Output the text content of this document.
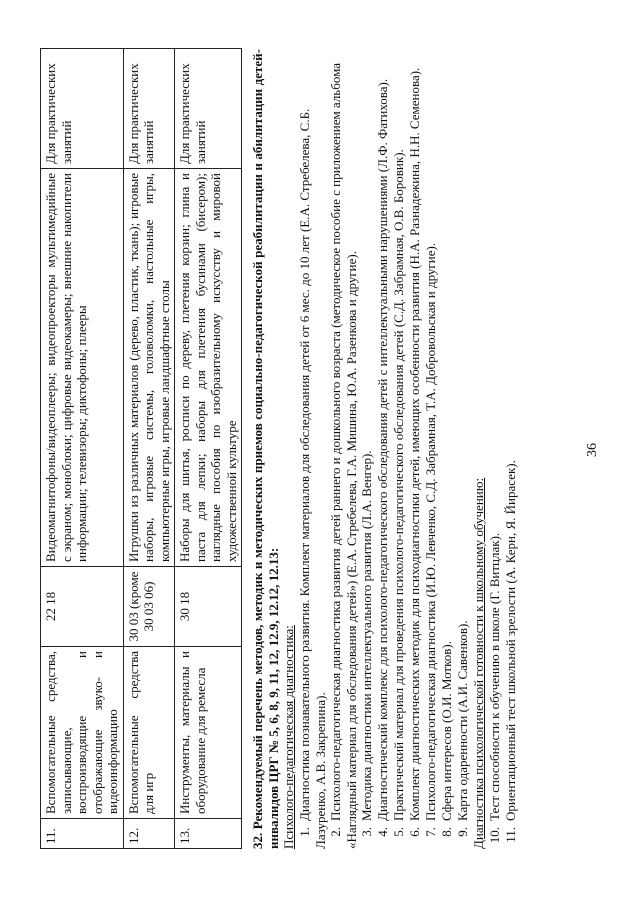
36
11.	Вспомогательные средства, записывающие, воспроизводящие и отображающие звуко- и видеоинформацию	22 18	Видеомагнитофоны/видеоплееры; видеопроекторы мультимедийные с экраном; моноблоки; цифровые видеокамеры; внешние накопители информации; телевизоры; диктофоны; плееры	Для практических занятий
12.	Вспомогательные средства для игр	30 03 (кроме 30 03 06)	Игрушки из различных материалов (дерево, пластик, ткань); игровые наборы, игровые системы, головоломки, настольные игры, компьютерные игры, игровые ландшафтные столы	Для практических занятий
13.	Инструменты, материалы и оборудование для ремесла	30 18	Наборы для шитья, роспиcи по дереву, плетения корзин; глина и паста для лепки; наборы для плетения бусинами (бисером); наглядные пособия по изобразительному искусству и мировой художественной культуре	Для практических занятий	32. Рекомендуемый перечень методов, методик и методических приемов социально-педагогической реабилитации и абилитации детей-инвалидов ЦРГ № 5, 6, 8, 9, 11, 12, 12.9, 12.12, 12.13: Психолого-педагогическая диагностика: 1.Диагностика познавательного развития. Комплект материалов для обследования детей от 6 мес. до 10 лет (Е.А. Стребелева, С.Б. Лазуренко, А.В. Закрепина). 2.Психолого-педагогическая диагностика развития детей раннего и дошкольного возраста (методическое пособие с приложением альбома «Наглядный материал для обследования детей») (Е.А. Стребелева, Г.А. Мишина, Ю.А. Разенкова и другие). 3.Методика диагностики интеллектуального развития (Л.А. Венгер).
4.Диагностический комплекс для психолого-педагогического обследования детей с интеллектуальными нарушениями (Л.Ф. Фатихова).
5.Практический материал для проведения психолого-педагогического обследования детей (С.Д. Забрамная, О.В. Боровик).
6.Комплект диагностических методик для психодиагностики детей, имеющих особенности развития (Н.А. Разнадежина, Н.Н. Семенова).
7.Психолого-педагогическая диагностика (И.Ю. Левченко, С.Д. Забрамная, Т.А. Добровольская и другие).
8.Сфера интересов (О.И. Мотков).
9.Карта одаренности (А.И. Савенков). Диагностика психологической готовности к школьному обучению: 10.Тест способности к обучению в школе (Г. Витцлак).
11.Ориентационный тест школьной зрелости (А. Керн, Я. Йирасек).
